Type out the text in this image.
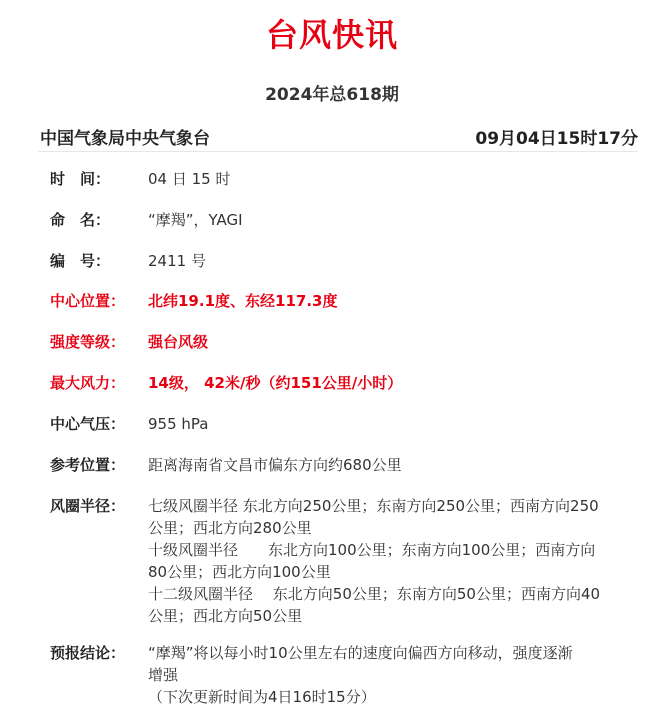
台风快讯
2024年总618期
中国气象局中央气象台	09月04日15时17分
时　间：	04 日 15 时
命　名：	“摩羯”，YAGI
编　号：	2411 号
中心位置：	北纬19.1度、东经117.3度
强度等级：	强台风级
最大风力：	14级， 42米/秒（约151公里/小时）
中心气压：	955 hPa
参考位置：	距离海南省文昌市偏东方向约680公里
风圈半径：	七级风圈半径 东北方向250公里；东南方向250公里；西南方向250
公里；西北方向280公里
十级风圈半径　　东北方向100公里；东南方向100公里；西南方向
80公里；西北方向100公里
十二级风圈半径　 东北方向50公里；东南方向50公里；西南方向40
公里；西北方向50公里
预报结论：	“摩羯”将以每小时10公里左右的速度向偏西方向移动，强度逐渐
增强
（下次更新时间为4日16时15分）
